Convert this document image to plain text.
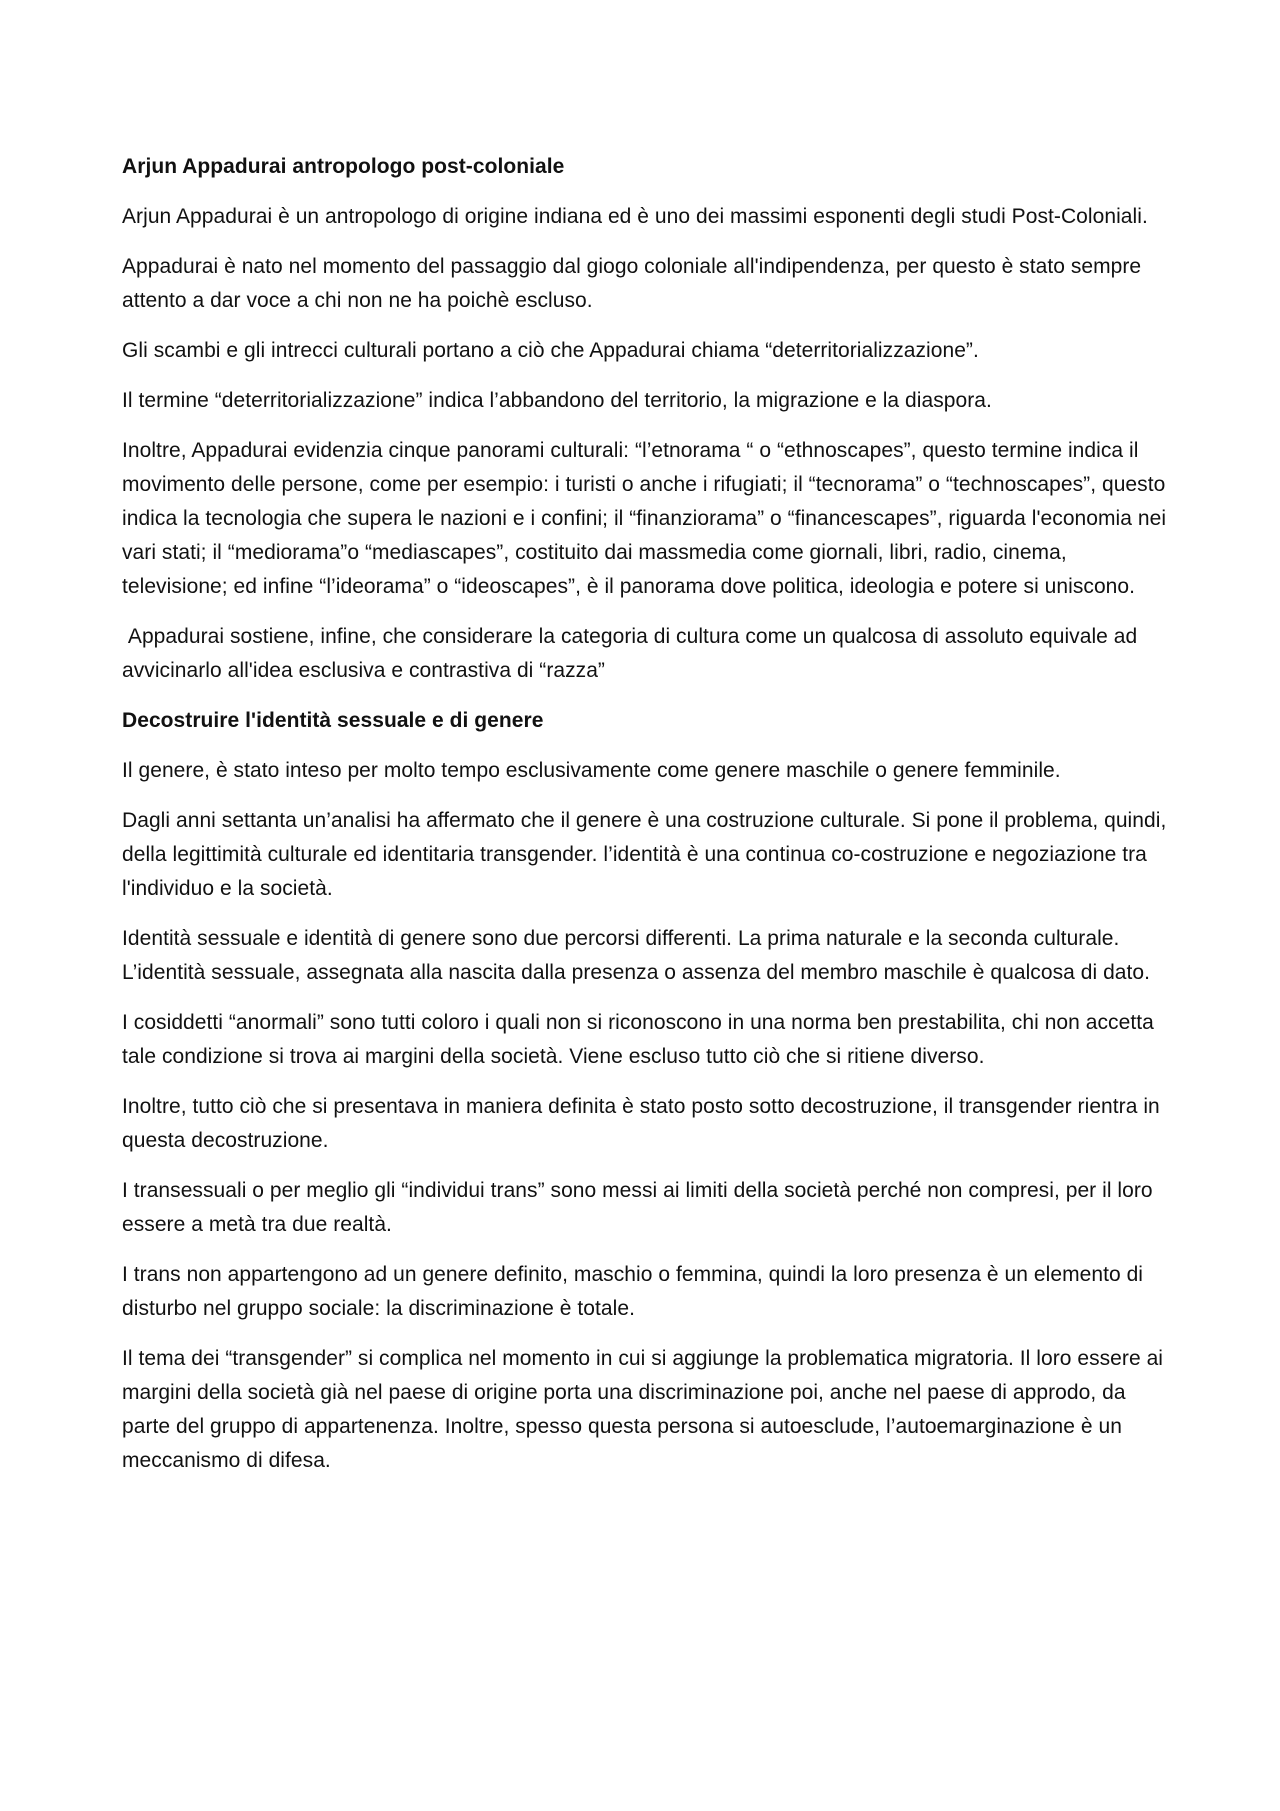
Arjun Appadurai antropologo post-coloniale
Arjun Appadurai è un antropologo di origine indiana ed è uno dei massimi esponenti degli studi Post-Coloniali.
Appadurai è nato nel momento del passaggio dal giogo coloniale all'indipendenza, per questo è stato sempre attento a dar voce a chi non ne ha poichè escluso.
Gli scambi e gli intrecci culturali portano a ciò che Appadurai chiama “deterritorializzazione”.
Il termine “deterritorializzazione” indica l’abbandono del territorio, la migrazione e la diaspora.
Inoltre, Appadurai evidenzia cinque panorami culturali: “l’etnorama “ o “ethnoscapes”, questo termine indica il movimento delle persone, come per esempio: i turisti o anche i rifugiati; il “tecnorama” o “technoscapes”, questo indica la tecnologia che supera le nazioni e i confini; il “finanziorama” o “financescapes”, riguarda l'economia nei vari stati; il “mediorama”o “mediascapes”, costituito dai massmedia come giornali, libri, radio, cinema, televisione; ed infine “l’ideorama” o “ideoscapes”, è il panorama dove politica, ideologia e potere si uniscono.
Appadurai sostiene, infine, che considerare la categoria di cultura come un qualcosa di assoluto equivale ad avvicinarlo all'idea esclusiva e contrastiva di “razza”
Decostruire l'identità sessuale e di genere
Il genere, è stato inteso per molto tempo esclusivamente come genere maschile o genere femminile.
Dagli anni settanta un’analisi ha affermato che il genere è una costruzione culturale. Si pone il problema, quindi, della legittimità culturale ed identitaria transgender. l’identità è una continua co-costruzione e negoziazione tra l'individuo e la società.
Identità sessuale e identità di genere sono due percorsi differenti. La prima naturale e la seconda culturale. L’identità sessuale, assegnata alla nascita dalla presenza o assenza del membro maschile è qualcosa di dato.
I cosiddetti “anormali” sono tutti coloro i quali non si riconoscono in una norma ben prestabilita, chi non accetta tale condizione si trova ai margini della società. Viene escluso tutto ciò che si ritiene diverso.
Inoltre, tutto ciò che si presentava in maniera definita è stato posto sotto decostruzione, il transgender rientra in questa decostruzione.
I transessuali o per meglio gli “individui trans” sono messi ai limiti della società perché non compresi, per il loro essere a metà tra due realtà.
I trans non appartengono ad un genere definito, maschio o femmina, quindi la loro presenza è un elemento di disturbo nel gruppo sociale: la discriminazione è totale.
Il tema dei “transgender” si complica nel momento in cui si aggiunge la problematica migratoria. Il loro essere ai margini della società già nel paese di origine porta una discriminazione poi, anche nel paese di approdo, da parte del gruppo di appartenenza. Inoltre, spesso questa persona si autoesclude, l’autoemarginazione è un meccanismo di difesa.
